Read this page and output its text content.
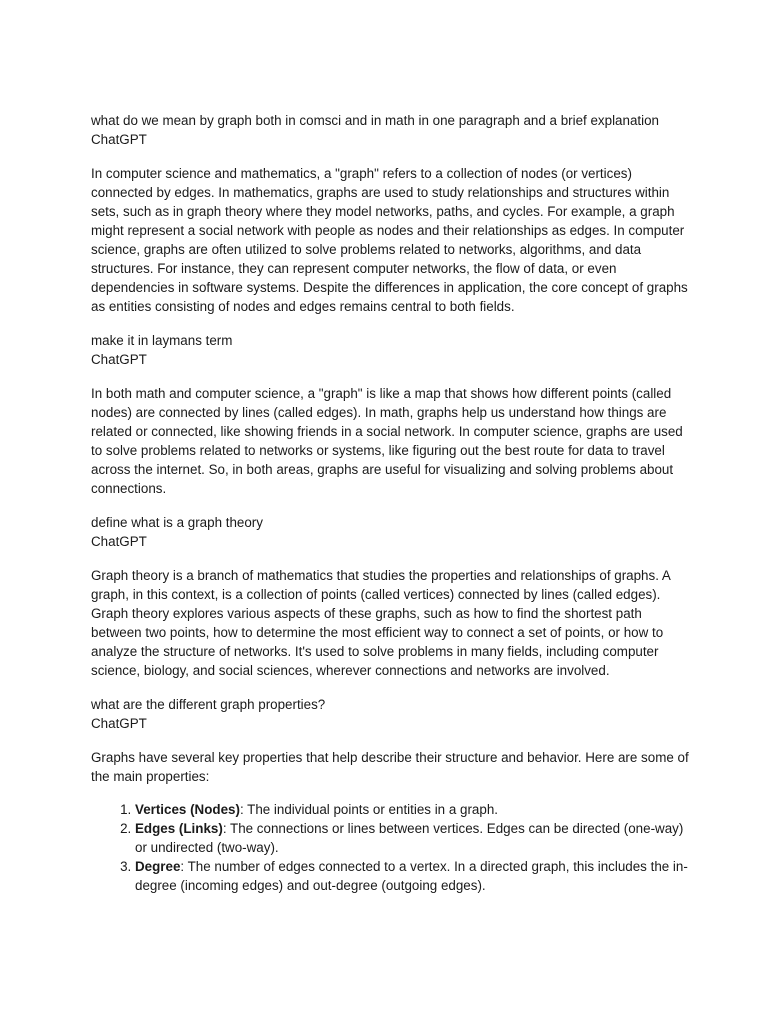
what do we mean by graph both in comsci and in math in one paragraph and a brief explanation

ChatGPT

In computer science and mathematics, a "graph" refers to a collection of nodes (or vertices) connected by edges. In mathematics, graphs are used to study relationships and structures within sets, such as in graph theory where they model networks, paths, and cycles. For example, a graph might represent a social network with people as nodes and their relationships as edges. In computer science, graphs are often utilized to solve problems related to networks, algorithms, and data structures. For instance, they can represent computer networks, the flow of data, or even dependencies in software systems. Despite the differences in application, the core concept of graphs as entities consisting of nodes and edges remains central to both fields.

make it in laymans term

ChatGPT

In both math and computer science, a "graph" is like a map that shows how different points (called nodes) are connected by lines (called edges). In math, graphs help us understand how things are related or connected, like showing friends in a social network. In computer science, graphs are used to solve problems related to networks or systems, like figuring out the best route for data to travel across the internet. So, in both areas, graphs are useful for visualizing and solving problems about connections.

define what is a graph theory

ChatGPT

Graph theory is a branch of mathematics that studies the properties and relationships of graphs. A graph, in this context, is a collection of points (called vertices) connected by lines (called edges). Graph theory explores various aspects of these graphs, such as how to find the shortest path between two points, how to determine the most efficient way to connect a set of points, or how to analyze the structure of networks. It's used to solve problems in many fields, including computer science, biology, and social sciences, wherever connections and networks are involved.

what are the different graph properties?

ChatGPT

Graphs have several key properties that help describe their structure and behavior. Here are some of the main properties:

1. Vertices (Nodes): The individual points or entities in a graph.
2. Edges (Links): The connections or lines between vertices. Edges can be directed (one-way) or undirected (two-way).
3. Degree: The number of edges connected to a vertex. In a directed graph, this includes the in-degree (incoming edges) and out-degree (outgoing edges).
